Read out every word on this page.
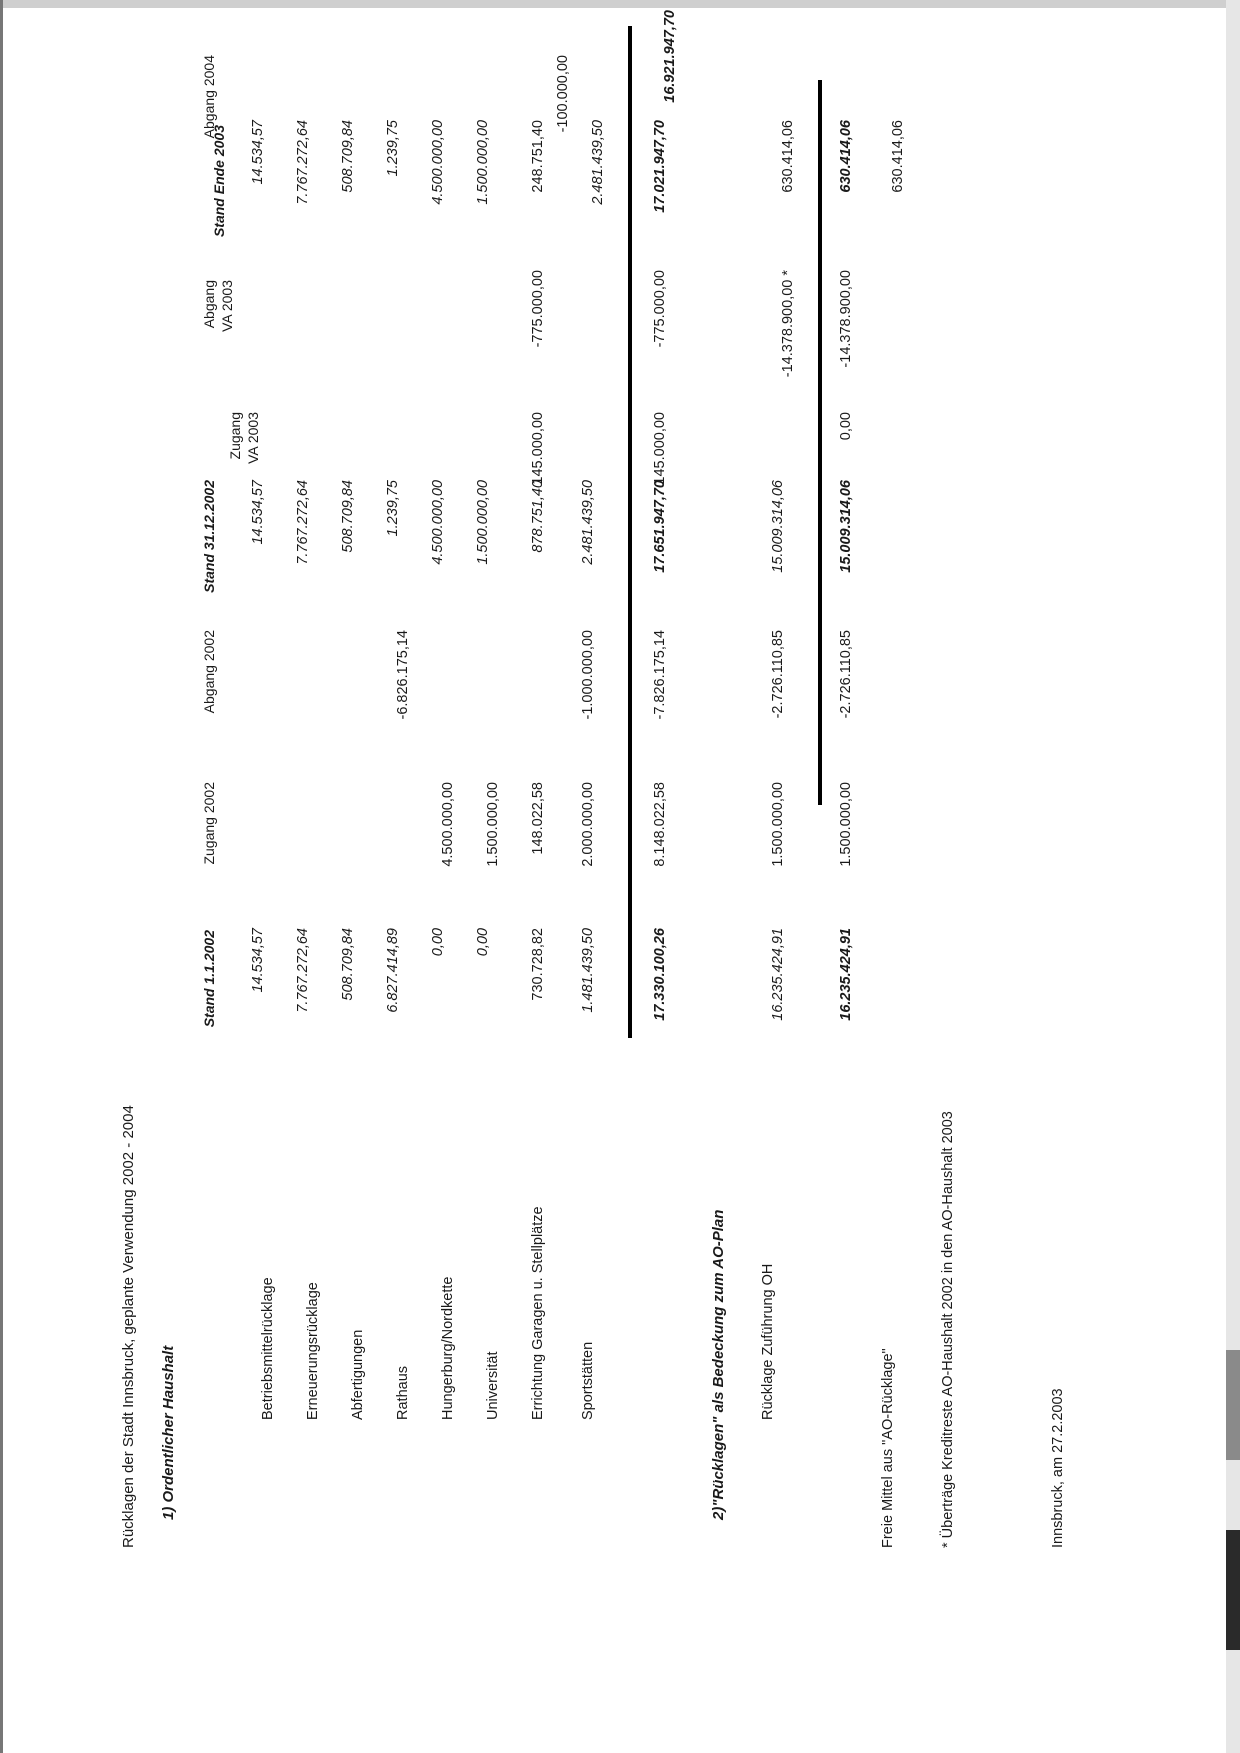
Rücklagen der Stadt Innsbruck, geplante Verwendung 2002 - 2004 1) Ordentlicher Haushalt
Stand 1.1.2002
Zugang 2002
Abgang 2002
Stand 31.12.2002
Zugang VA 2003
Abgang VA 2003
Stand Ende 2003
Abgang 2004
Betriebsmittelrücklage
14.534,57
14.534,57
14.534,57
Erneuerungsrücklage
7.767.272,64
7.767.272,64
7.767.272,64
Abfertigungen
508.709,84
508.709,84
508.709,84
Rathaus
6.827.414,89
-6.826.175,14
1.239,75
1.239,75
Hungerburg/Nordkette
0,00
4.500.000,00
4.500.000,00
4.500.000,00
Universität
0,00
1.500.000,00
1.500.000,00
1.500.000,00
Errichtung Garagen u. Stellplätze
730.728,82
148.022,58
878.751,40
145.000,00
-775.000,00
248.751,40
-100.000,00
Sportstätten
1.481.439,50
2.000.000,00
-1.000.000,00
2.481.439,50
2.481.439,50
17.330.100,26
8.148.022,58
-7.826.175,14
17.651.947,70
145.000,00
-775.000,00
17.021.947,70
16.921.947,70
2)"Rücklagen" als Bedeckung zum AO-Plan Rücklage Zuführung OH
16.235.424,91
1.500.000,00
-2.726.110,85
15.009.314,06
-14.378.900,00 *
630.414,06
16.235.424,91
1.500.000,00
-2.726.110,85
15.009.314,06
0,00
-14.378.900,00
630.414,06
Freie Mittel aus "AO-Rücklage"
630.414,06
* Überträge Kreditreste AO-Haushalt 2002 in den AO-Haushalt 2003	Innsbruck, am 27.2.2003
